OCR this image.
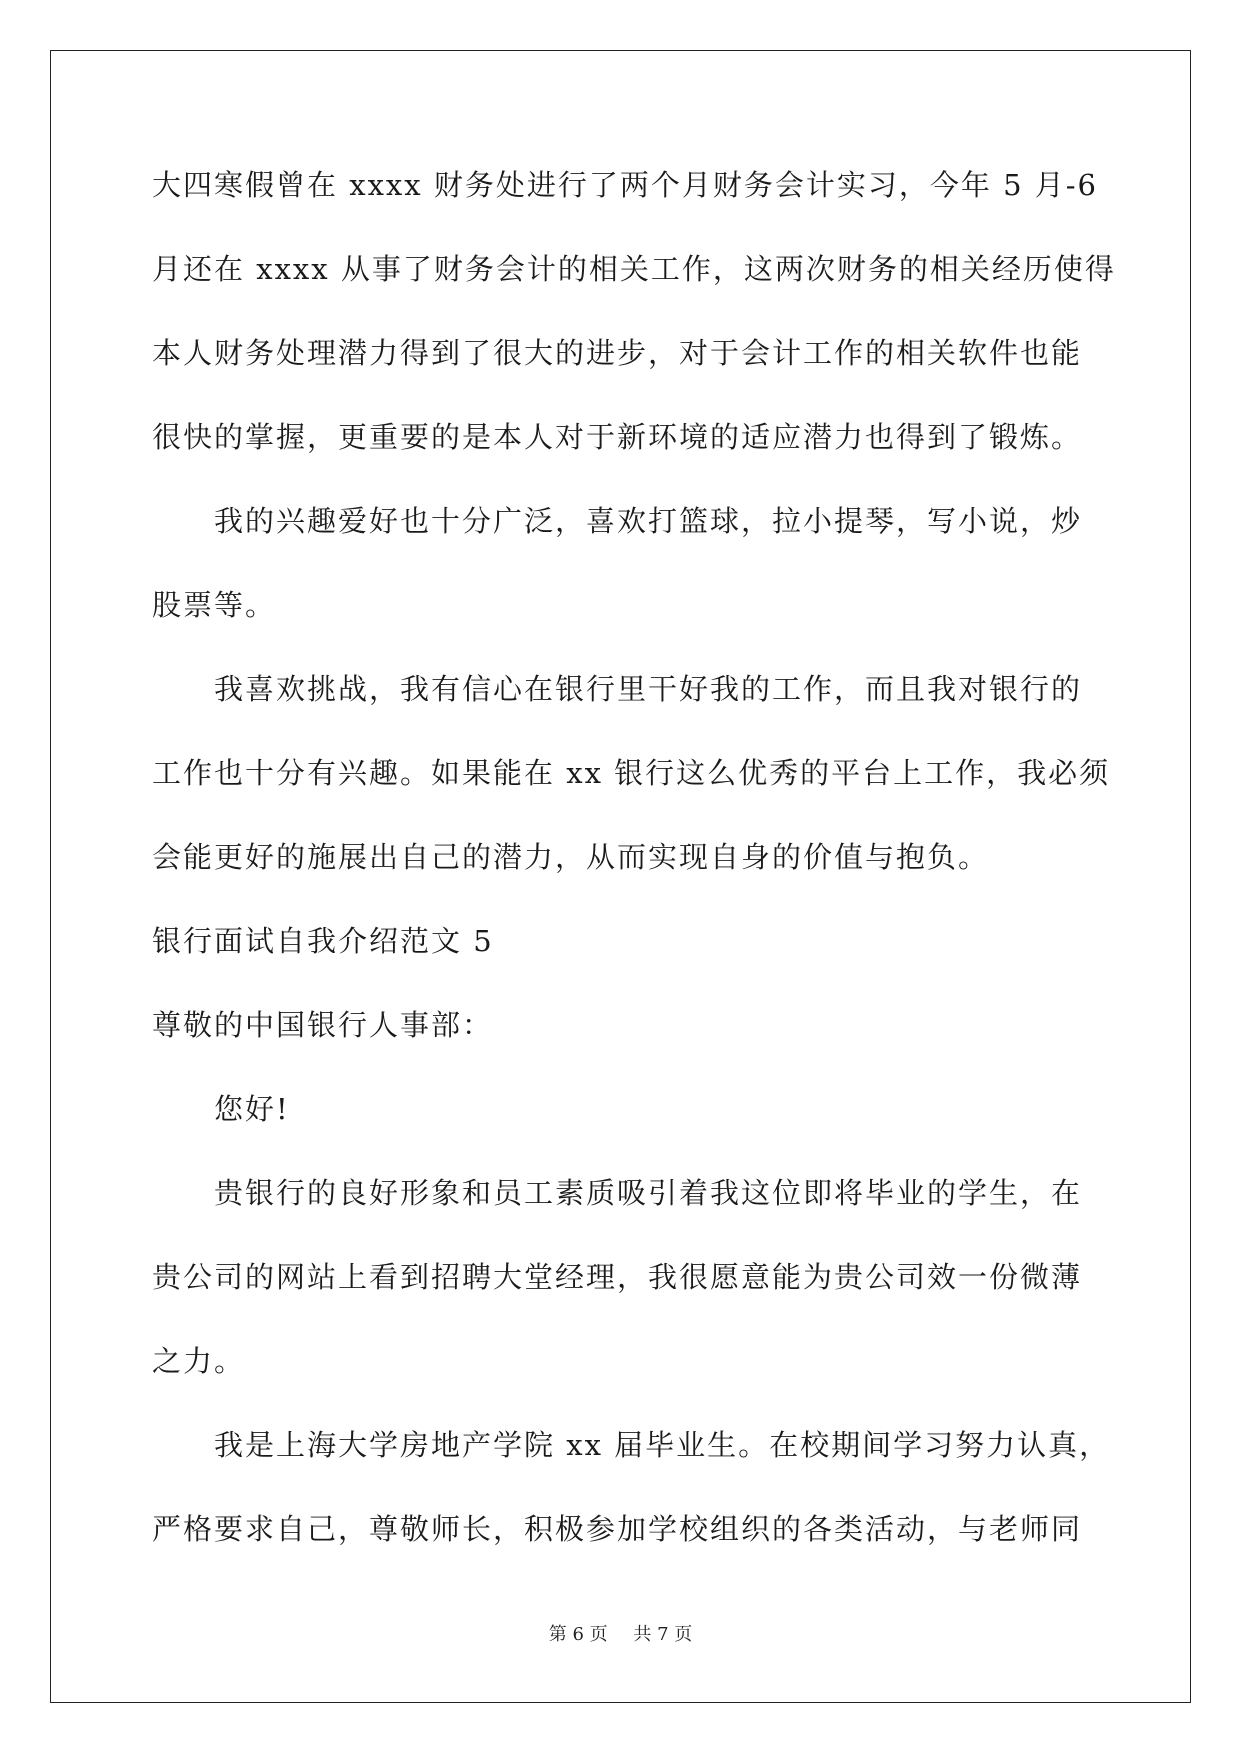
大四寒假曾在 xxxx 财务处进行了两个月财务会计实习，今年 5 月-6
月还在 xxxx 从事了财务会计的相关工作，这两次财务的相关经历使得
本人财务处理潜力得到了很大的进步，对于会计工作的相关软件也能
很快的掌握，更重要的是本人对于新环境的适应潜力也得到了锻炼。
我的兴趣爱好也十分广泛，喜欢打篮球，拉小提琴，写小说，炒
股票等。
我喜欢挑战，我有信心在银行里干好我的工作，而且我对银行的
工作也十分有兴趣。如果能在 xx 银行这么优秀的平台上工作，我必须
会能更好的施展出自己的潜力，从而实现自身的价值与抱负。
银行面试自我介绍范文 5
尊敬的中国银行人事部：
您好!
贵银行的良好形象和员工素质吸引着我这位即将毕业的学生，在
贵公司的网站上看到招聘大堂经理，我很愿意能为贵公司效一份微薄
之力。
我是上海大学房地产学院 xx 届毕业生。在校期间学习努力认真，
严格要求自己，尊敬师长，积极参加学校组织的各类活动，与老师同
第 6 页 共 7 页
